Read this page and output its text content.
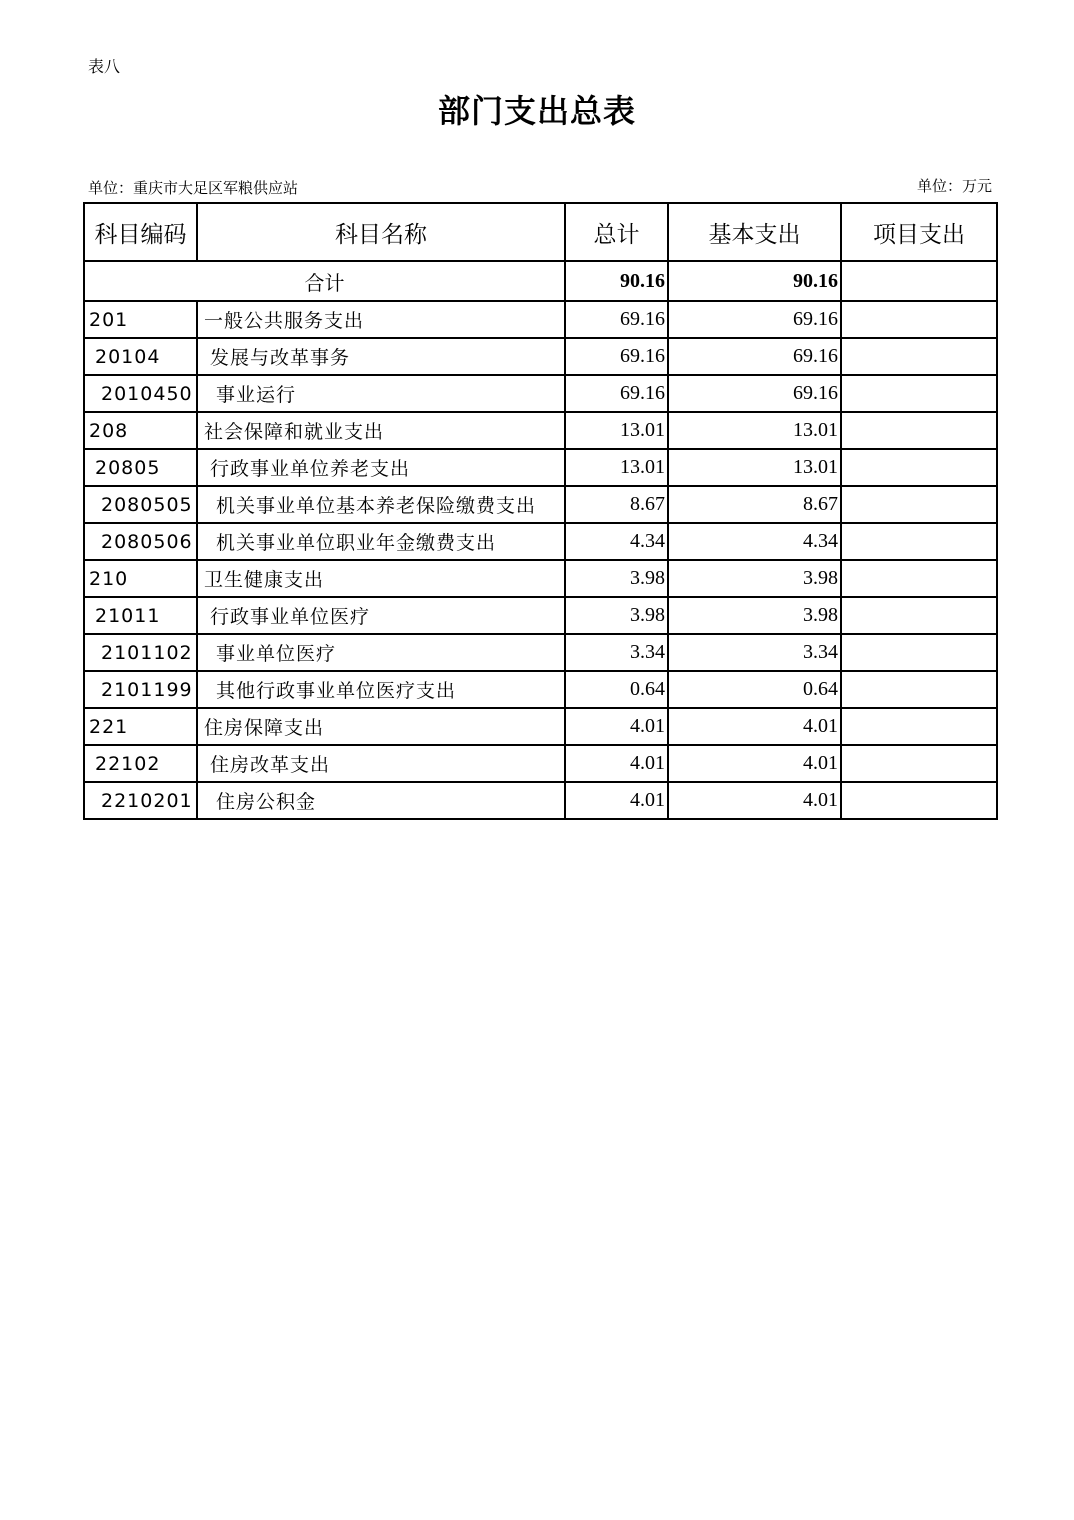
表八
部门支出总表
单位：重庆市大足区军粮供应站	单位：万元
科目编码	科目名称	总计	基本支出	项目支出
合计		90.16	90.16	
201	一般公共服务支出	69.16	69.16	
20104	发展与改革事务	69.16	69.16	
2010450	事业运行	69.16	69.16	
208	社会保障和就业支出	13.01	13.01	
20805	行政事业单位养老支出	13.01	13.01	
2080505	机关事业单位基本养老保险缴费支出	8.67	8.67	
2080506	机关事业单位职业年金缴费支出	4.34	4.34	
210	卫生健康支出	3.98	3.98	
21011	行政事业单位医疗	3.98	3.98	
2101102	事业单位医疗	3.34	3.34	
2101199	其他行政事业单位医疗支出	0.64	0.64	
221	住房保障支出	4.01	4.01	
22102	住房改革支出	4.01	4.01	
2210201	住房公积金	4.01	4.01	
